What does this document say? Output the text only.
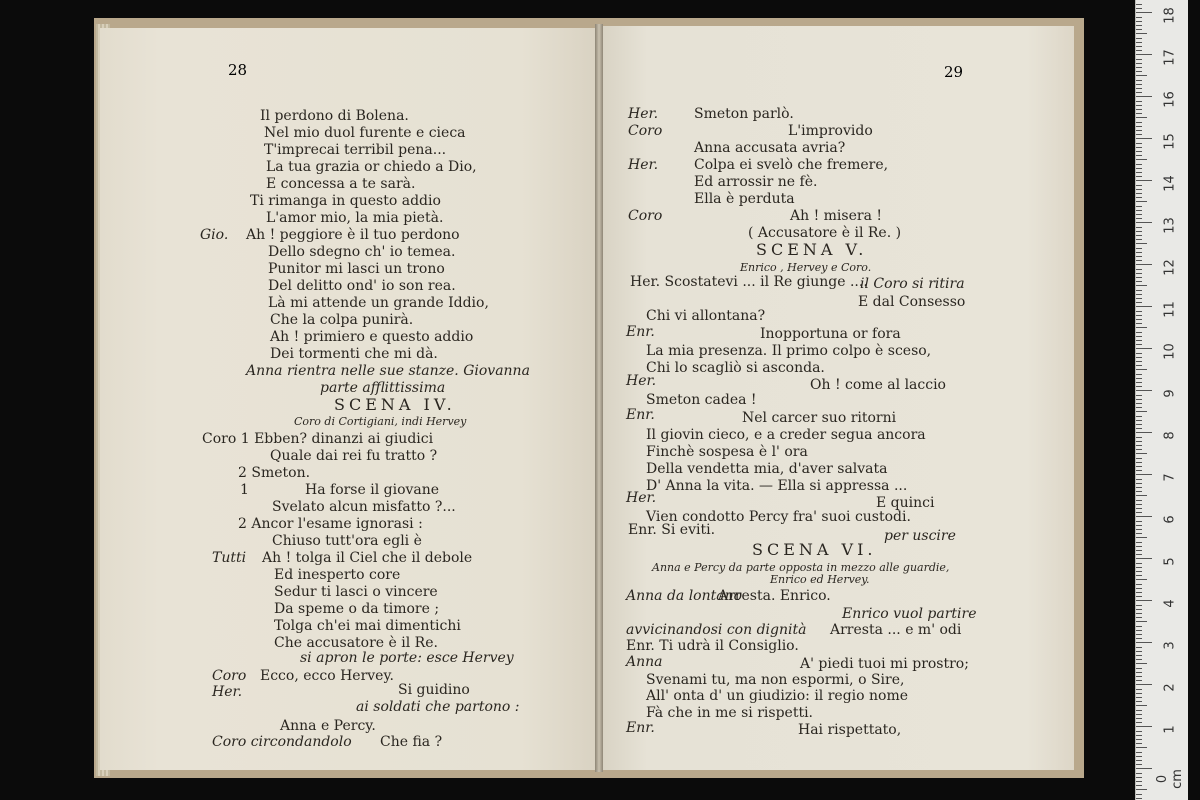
Il perdono di Bolena.
Nel mio duol furente e cieca
T'imprecai terribil pena...
La tua grazia or chiedo a Dio,
E concessa a te sarà.
Ti rimanga in questo addio
L'amor mio, la mia pietà.
Ah ! peggiore è il tuo perdono
Dello sdegno ch' io temea.
Punitor mi lasci un trono
Del delitto ond' io son rea.
Là mi attende un grande Iddio,
Che la colpa punirà.
Ah ! primiero e questo addio
Dei tormenti che mi dà.
Coro 1 Ebben? dinanzi ai giudici
Quale dai rei fu tratto ?
2 Smeton.
1	Ha forse il giovane
Svelato alcun misfatto ?...
2 Ancor l'esame ignorasi :
Chiuso tutt'ora egli è
Ah ! tolga il Ciel che il debole
Ed inesperto core
Sedur ti lasci o vincere
Da speme o da timore ;
Tolga ch'ei mai dimentichi
Che accusatore è il Re.
Ecco, ecco Hervey.
Si guidino
Anna e Percy.
Che fia ?
Gio.
Anna rientra nelle sue stanze. Giovanna
parte afflittissima
Tutti
si apron le porte: esce Hervey
Coro
Her.
ai soldati che partono :
Coro circondandolo
SCENA IV.
Coro di Cortigiani, indi Hervey
Smeton parlò.
L'improvido
Anna accusata avria?
Colpa ei svelò che fremere,
Ed arrossir ne fè.
Ella è perduta
Ah ! misera !
( Accusatore è il Re. )
Her. Scostatevi ... il Re giunge ....
E dal Consesso
Chi vi allontana?
Inopportuna or fora
La mia presenza. Il primo colpo è sceso,
Chi lo scagliò si asconda.
Oh ! come al laccio
Smeton cadea !
Nel carcer suo ritorni
Il giovin cieco, e a creder segua ancora
Finchè sospesa è l' ora
Della vendetta mia, d'aver salvata
D' Anna la vita. — Ella si appressa ...
E quinci
Vien condotto Percy fra' suoi custodi.
Enr. Si eviti.
Arresta. Enrico.
Arresta ... e m' odi
Enr. Ti udrà il Consiglio.
A' piedi tuoi mi prostro;
Svenami tu, ma non espormi, o Sire,
All' onta d' un giudizio: il regio nome
Fà che in me si rispetti.
Hai rispettato,
Her.
Coro
Her.
Coro
il Coro si ritira
Enr.
Her.
Enr.
Her.
per uscire
Anna da lontano
Enrico vuol partire
avvicinandosi con dignità
Anna
Enr.
SCENA V.
SCENA VI.
Enrico , Hervey e Coro.
Anna e Percy da parte opposta in mezzo alle guardie,
Enrico ed Hervey.
18
17
16
15
14
13
12
11
10
9
8
7
6
5
4
3
2
1
0 cm
28	29
